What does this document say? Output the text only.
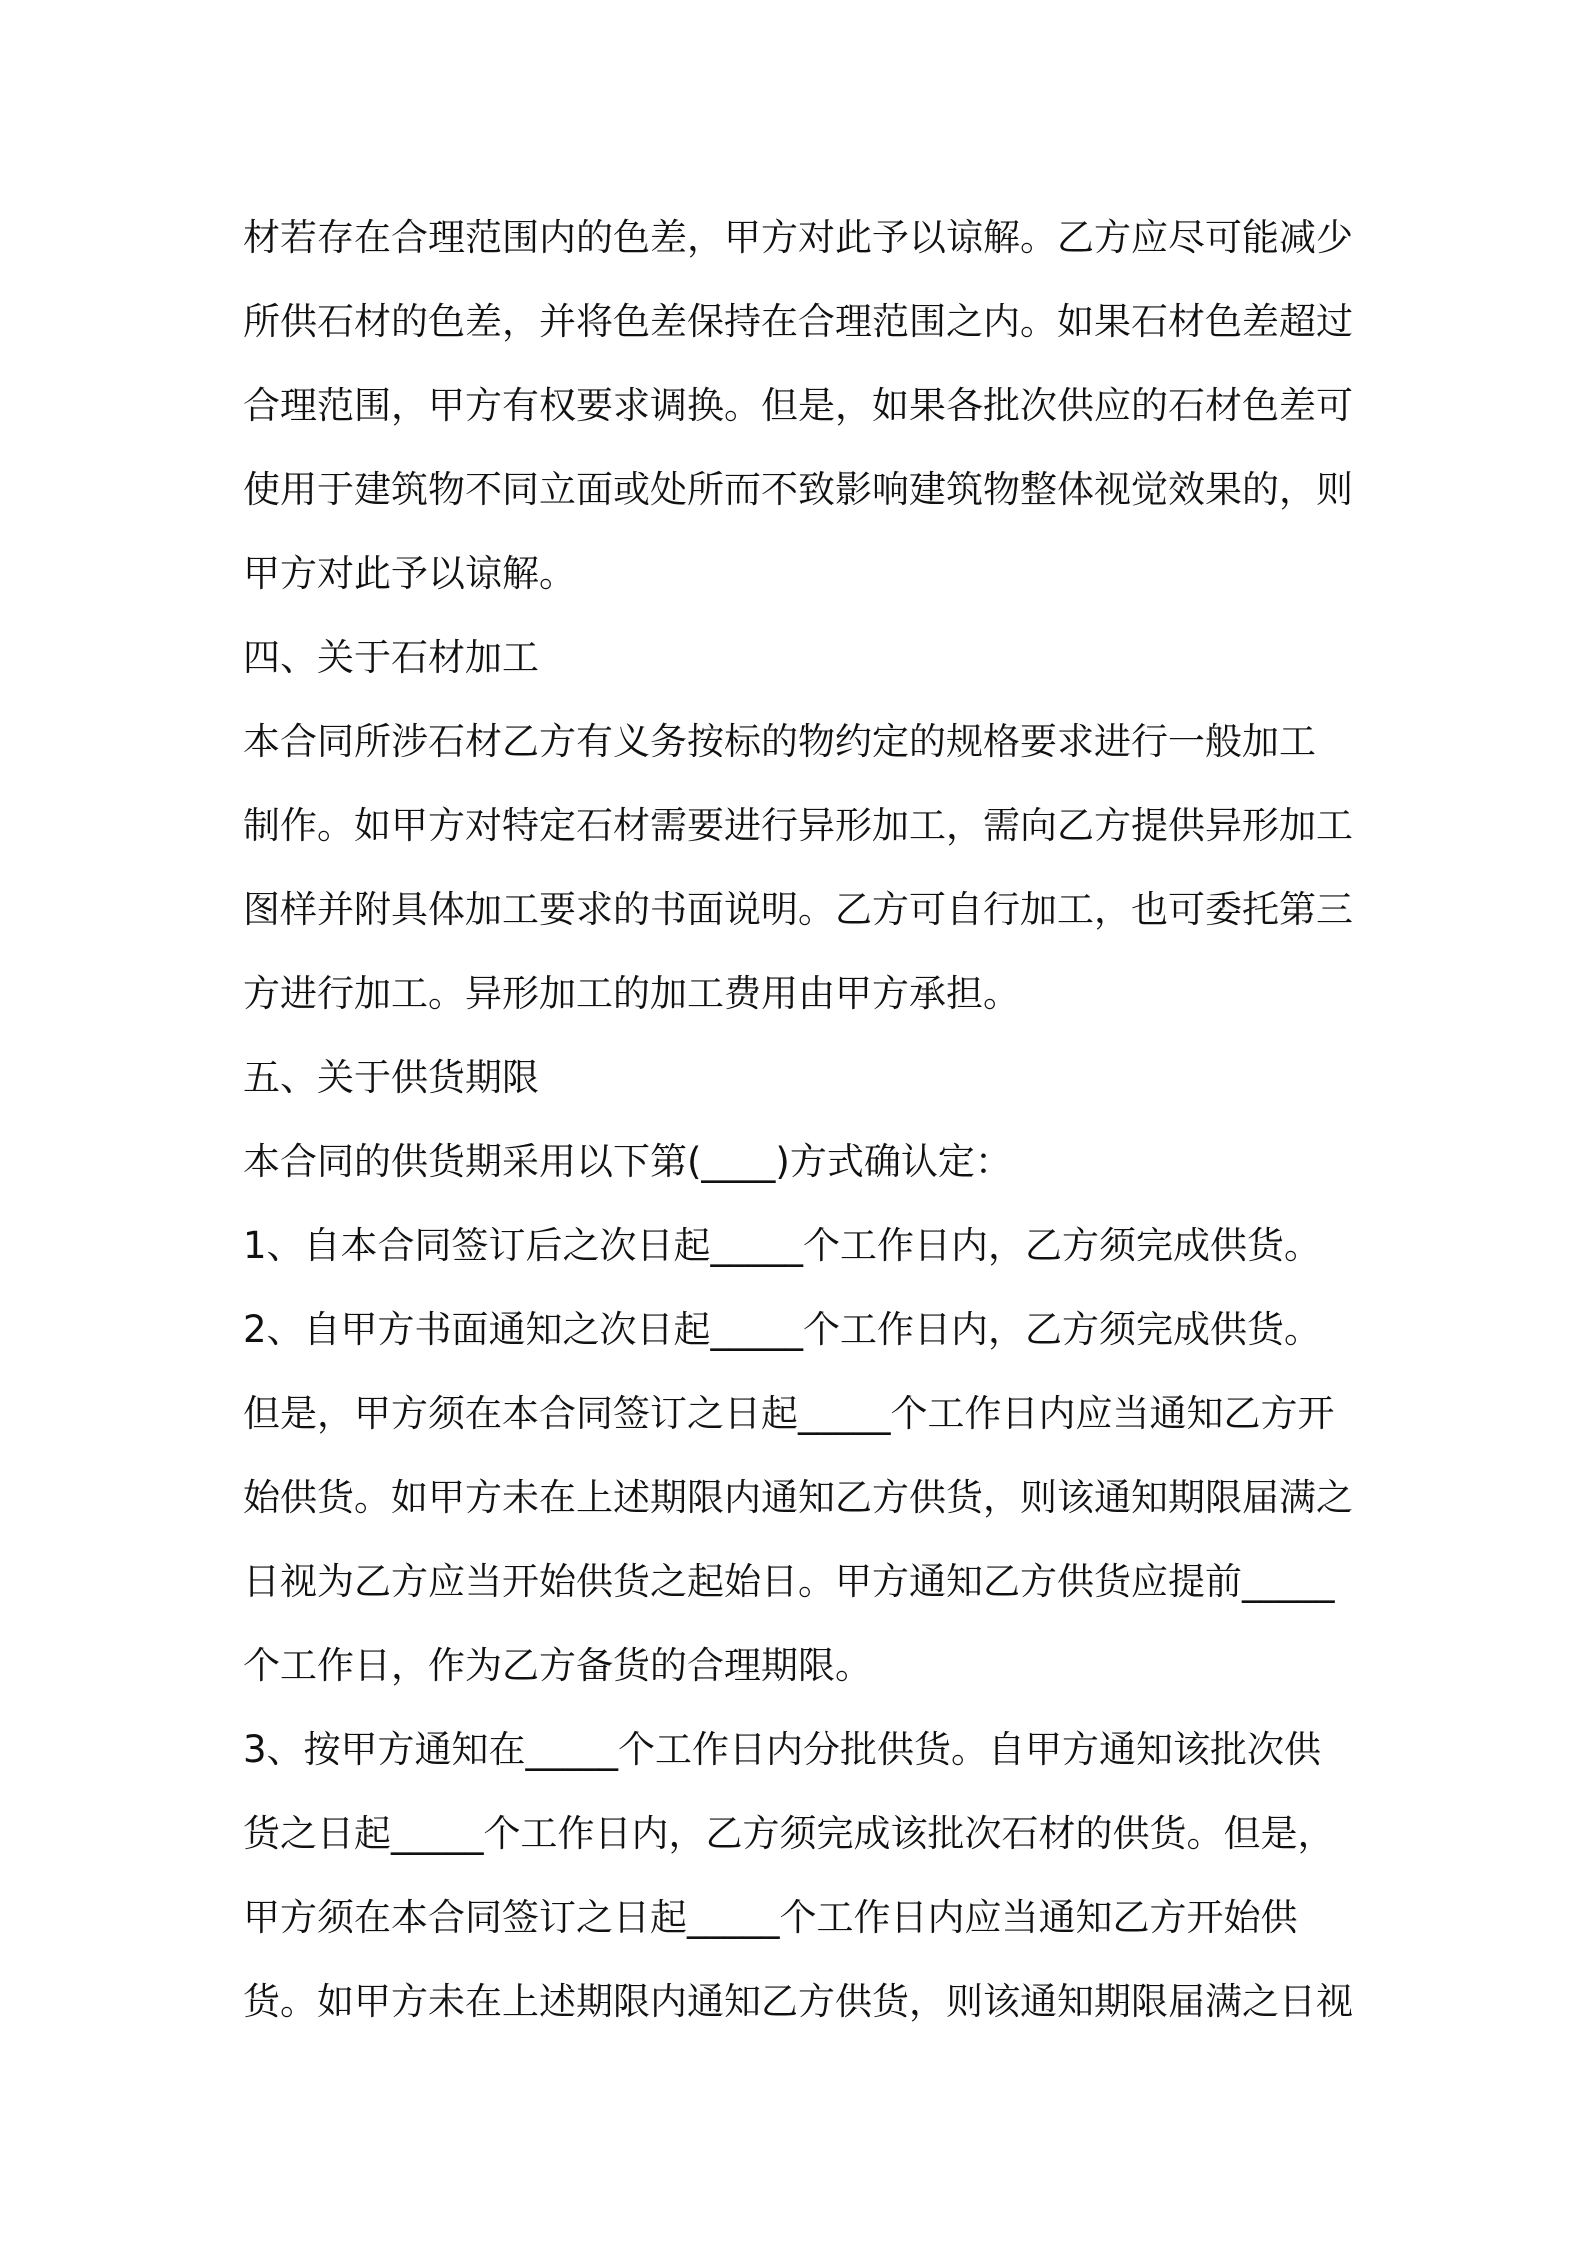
材若存在合理范围内的色差，甲方对此予以谅解。乙方应尽可能减少
所供石材的色差，并将色差保持在合理范围之内。如果石材色差超过
合理范围，甲方有权要求调换。但是，如果各批次供应的石材色差可
使用于建筑物不同立面或处所而不致影响建筑物整体视觉效果的，则
甲方对此予以谅解。
四、关于石材加工
本合同所涉石材乙方有义务按标的物约定的规格要求进行一般加工
制作。如甲方对特定石材需要进行异形加工，需向乙方提供异形加工
图样并附具体加工要求的书面说明。乙方可自行加工，也可委托第三
方进行加工。异形加工的加工费用由甲方承担。
五、关于供货期限
本合同的供货期采用以下第(____)方式确认定：
1、自本合同签订后之次日起_____个工作日内，乙方须完成供货。
2、自甲方书面通知之次日起_____个工作日内，乙方须完成供货。
但是，甲方须在本合同签订之日起_____个工作日内应当通知乙方开
始供货。如甲方未在上述期限内通知乙方供货，则该通知期限届满之
日视为乙方应当开始供货之起始日。甲方通知乙方供货应提前_____
个工作日，作为乙方备货的合理期限。
3、按甲方通知在_____个工作日内分批供货。自甲方通知该批次供
货之日起_____个工作日内，乙方须完成该批次石材的供货。但是，
甲方须在本合同签订之日起_____个工作日内应当通知乙方开始供
货。如甲方未在上述期限内通知乙方供货，则该通知期限届满之日视
